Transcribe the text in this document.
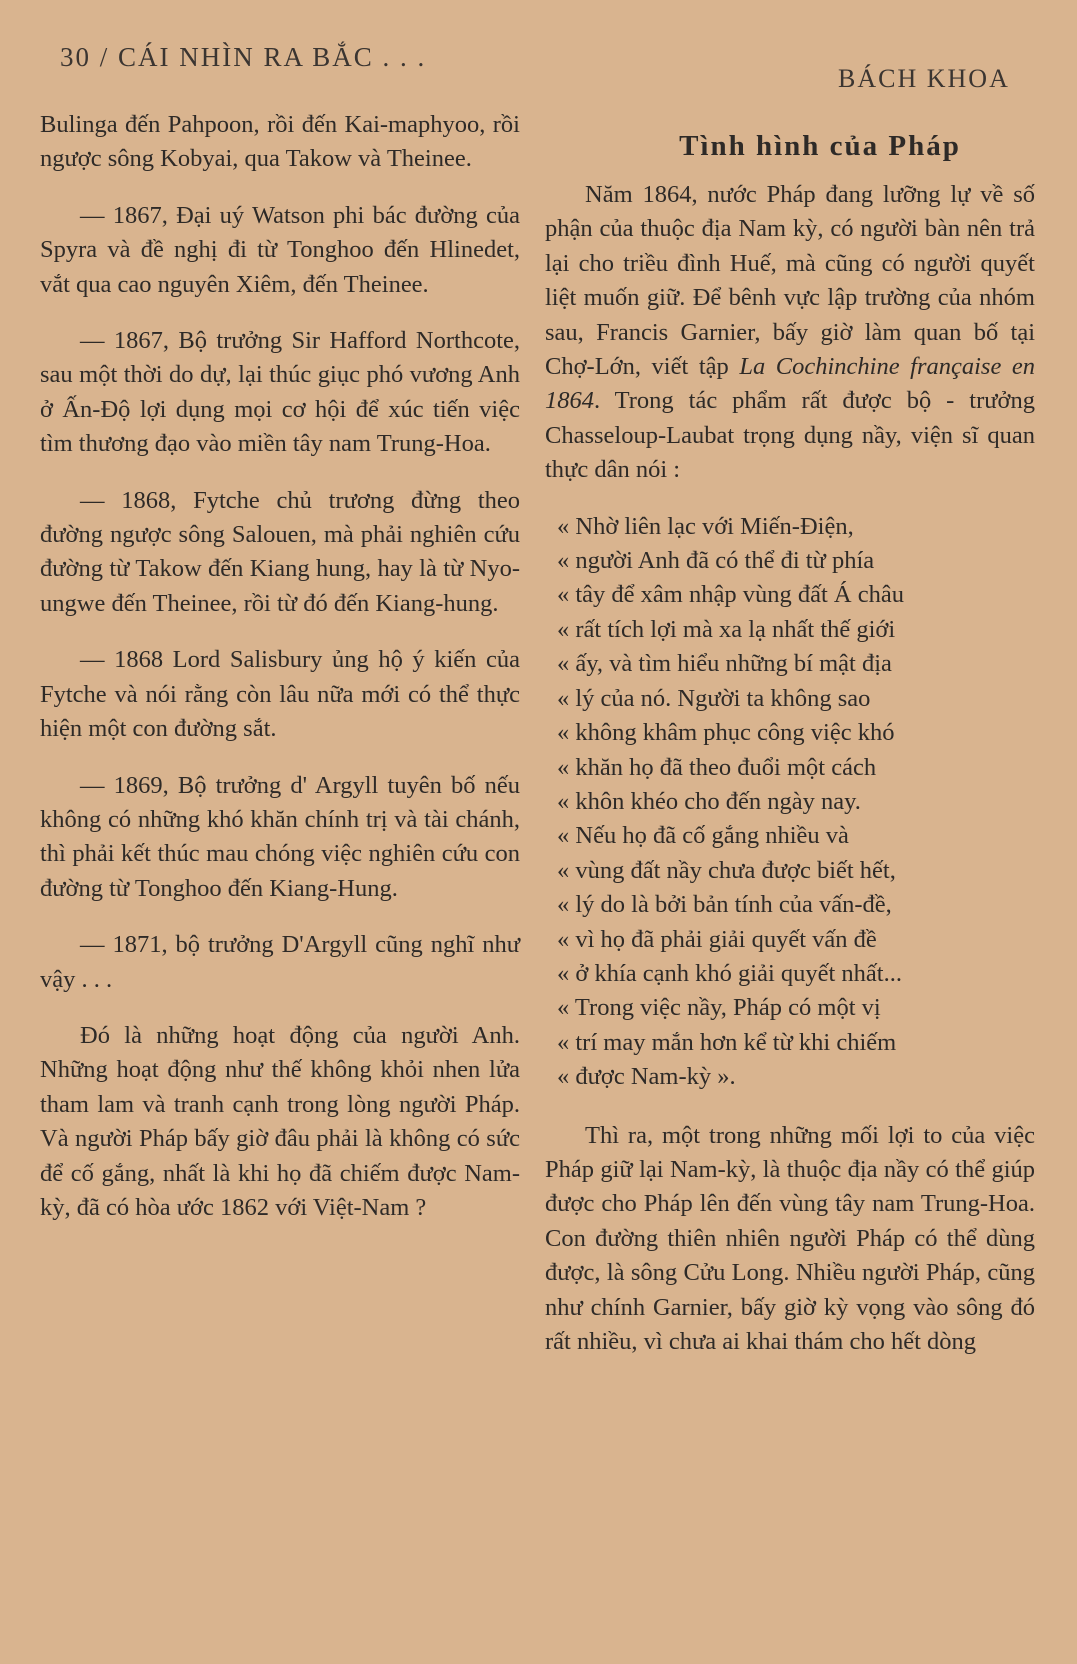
30 / CÁI NHÌN RA BẮC . . .
BÁCH KHOA

Bulinga đến Pahpoon, rồi đến Kai-maphyoo, rồi ngược sông Kobyai, qua Takow và Theinee.

— 1867, Đại uý Watson phi bác đường của Spyra và đề nghị đi từ Tonghoo đến Hlinedet, vắt qua cao nguyên Xiêm, đến Theinee.

— 1867, Bộ trưởng Sir Hafford Northcote, sau một thời do dự, lại thúc giục phó vương Anh ở Ấn-Độ lợi dụng mọi cơ hội để xúc tiến việc tìm thương đạo vào miền tây nam Trung-Hoa.

— 1868, Fytche chủ trương đừng theo đường ngược sông Salouen, mà phải nghiên cứu đường từ Takow đến Kiang hung, hay là từ Nyo-ungwe đến Theinee, rồi từ đó đến Kiang-hung.

— 1868 Lord Salisbury ủng hộ ý kiến của Fytche và nói rằng còn lâu nữa mới có thể thực hiện một con đường sắt.

— 1869, Bộ trưởng d' Argyll tuyên bố nếu không có những khó khăn chính trị và tài chánh, thì phải kết thúc mau chóng việc nghiên cứu con đường từ Tonghoo đến Kiang-Hung.

— 1871, bộ trưởng D'Argyll cũng nghĩ như vậy . . .

Đó là những hoạt động của người Anh. Những hoạt động như thế không khỏi nhen lửa tham lam và tranh cạnh trong lòng người Pháp. Và người Pháp bấy giờ đâu phải là không có sức để cố gắng, nhất là khi họ đã chiếm được Nam-kỳ, đã có hòa ước 1862 với Việt-Nam ?

Tình hình của Pháp

Năm 1864, nước Pháp đang lưỡng lự về số phận của thuộc địa Nam kỳ, có người bàn nên trả lại cho triều đình Huế, mà cũng có người quyết liệt muốn giữ. Để bênh vực lập trường của nhóm sau, Francis Garnier, bấy giờ làm quan bố tại Chợ-Lớn, viết tập La Cochinchine française en 1864. Trong tác phẩm rất được bộ - trưởng Chasseloup-Laubat trọng dụng nầy, viện sĩ quan thực dân nói :

« Nhờ liên lạc với Miến-Điện,
« người Anh đã có thể đi từ phía
« tây để xâm nhập vùng đất Á châu
« rất tích lợi mà xa lạ nhất thế giới
« ấy, và tìm hiểu những bí mật địa
« lý của nó. Người ta không sao
« không khâm phục công việc khó
« khăn họ đã theo đuổi một cách
« khôn khéo cho đến ngày nay.
« Nếu họ đã cố gắng nhiều và
« vùng đất nầy chưa được biết hết,
« lý do là bởi bản tính của vấn-đề,
« vì họ đã phải giải quyết vấn đề
« ở khía cạnh khó giải quyết nhất...
« Trong việc nầy, Pháp có một vị
« trí may mắn hơn kể từ khi chiếm
« được Nam-kỳ ».

Thì ra, một trong những mối lợi to của việc Pháp giữ lại Nam-kỳ, là thuộc địa nầy có thể giúp được cho Pháp lên đến vùng tây nam Trung-Hoa. Con đường thiên nhiên người Pháp có thể dùng được, là sông Cửu Long. Nhiều người Pháp, cũng như chính Garnier, bấy giờ kỳ vọng vào sông đó rất nhiều, vì chưa ai khai thám cho hết dòng
